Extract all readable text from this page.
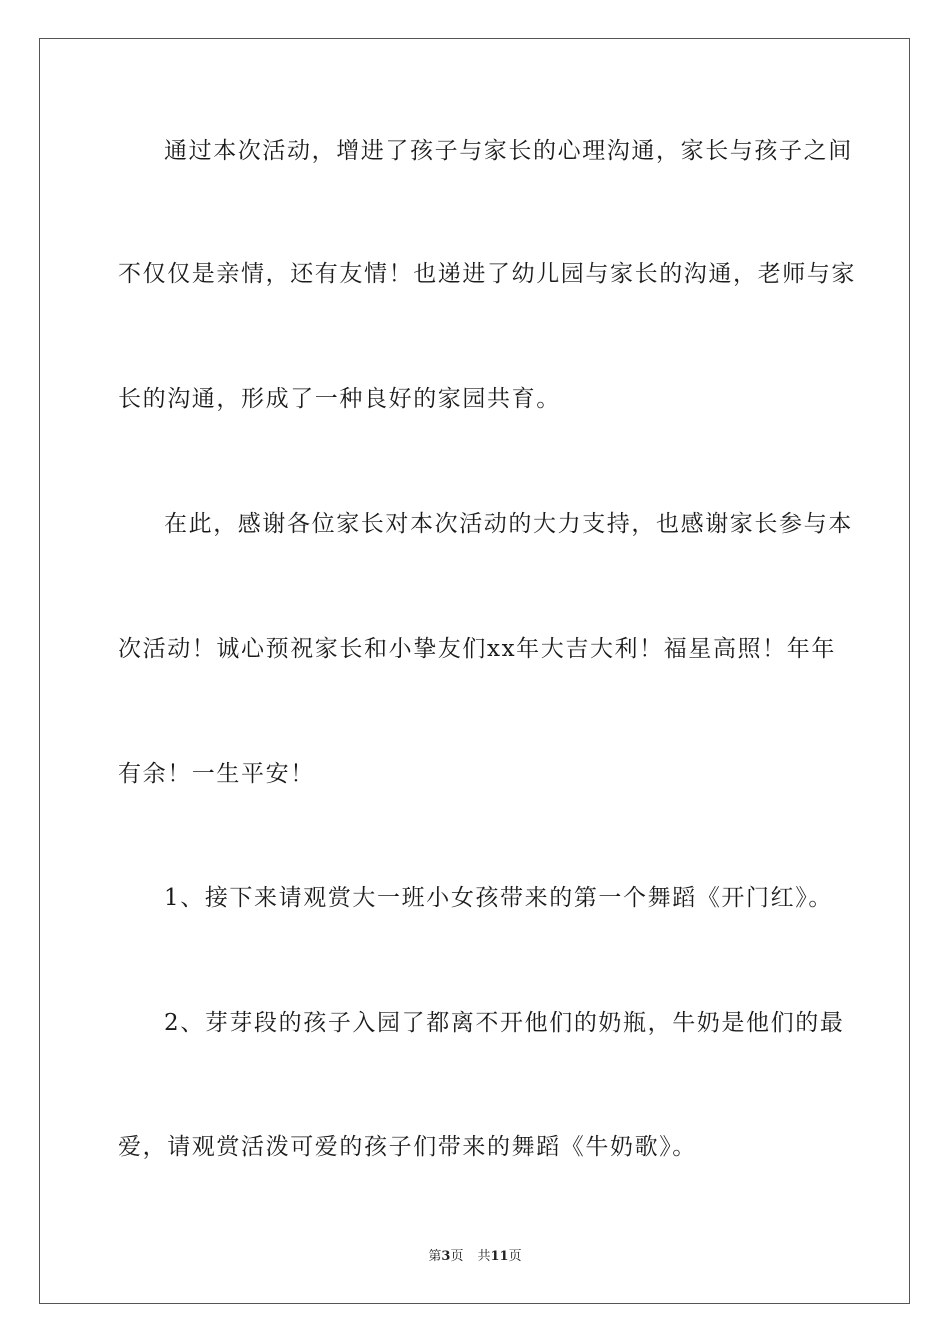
通过本次活动，增进了孩子与家长的心理沟通，家长与孩子之间
不仅仅是亲情，还有友情！也递进了幼儿园与家长的沟通，老师与家
长的沟通，形成了一种良好的家园共育。
在此，感谢各位家长对本次活动的大力支持，也感谢家长参与本
次活动！诚心预祝家长和小挚友们xx年大吉大利！福星高照！年年
有余！一生平安！
1、接下来请观赏大一班小女孩带来的第一个舞蹈《开门红》。
2、芽芽段的孩子入园了都离不开他们的奶瓶，牛奶是他们的最
爱，请观赏活泼可爱的孩子们带来的舞蹈《牛奶歌》。
第3页 共11页
